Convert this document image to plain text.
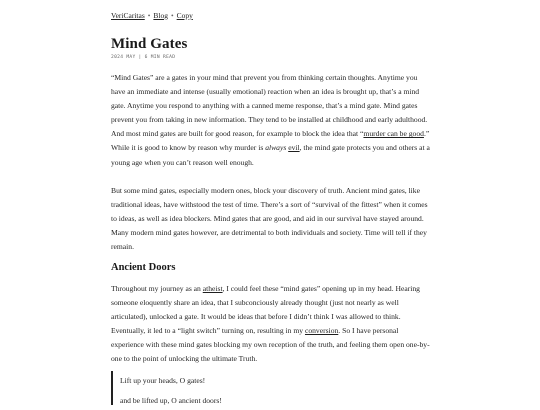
VeriCaritas • Blog • Copy
Mind Gates
2024 MAY | 6 MIN READ

“Mind Gates” are a gates in your mind that prevent you from thinking certain thoughts. Anytime you have an immediate and intense (usually emotional) reaction when an idea is brought up, that’s a mind gate. Anytime you respond to anything with a canned meme response, that’s a mind gate. Mind gates prevent you from taking in new information. They tend to be installed at childhood and early adulthood. And most mind gates are built for good reason, for example to block the idea that “murder can be good.” While it is good to know by reason why murder is always evil, the mind gate protects you and others at a young age when you can’t reason well enough.

But some mind gates, especially modern ones, block your discovery of truth. Ancient mind gates, like traditional ideas, have withstood the test of time. There’s a sort of “survival of the fittest” when it comes to ideas, as well as idea blockers. Mind gates that are good, and aid in our survival have stayed around. Many modern mind gates however, are detrimental to both individuals and society. Time will tell if they remain.

Ancient Doors

Throughout my journey as an atheist, I could feel these “mind gates” opening up in my head. Hearing someone eloquently share an idea, that I subconciously already thought (just not nearly as well articulated), unlocked a gate. It would be ideas that before I didn’t think I was allowed to think. Eventually, it led to a “light switch” turning on, resulting in my conversion. So I have personal experience with these mind gates blocking my own reception of the truth, and feeling them open one-by-one to the point of unlocking the ultimate Truth.

Lift up your heads, O gates!

and be lifted up, O ancient doors!
